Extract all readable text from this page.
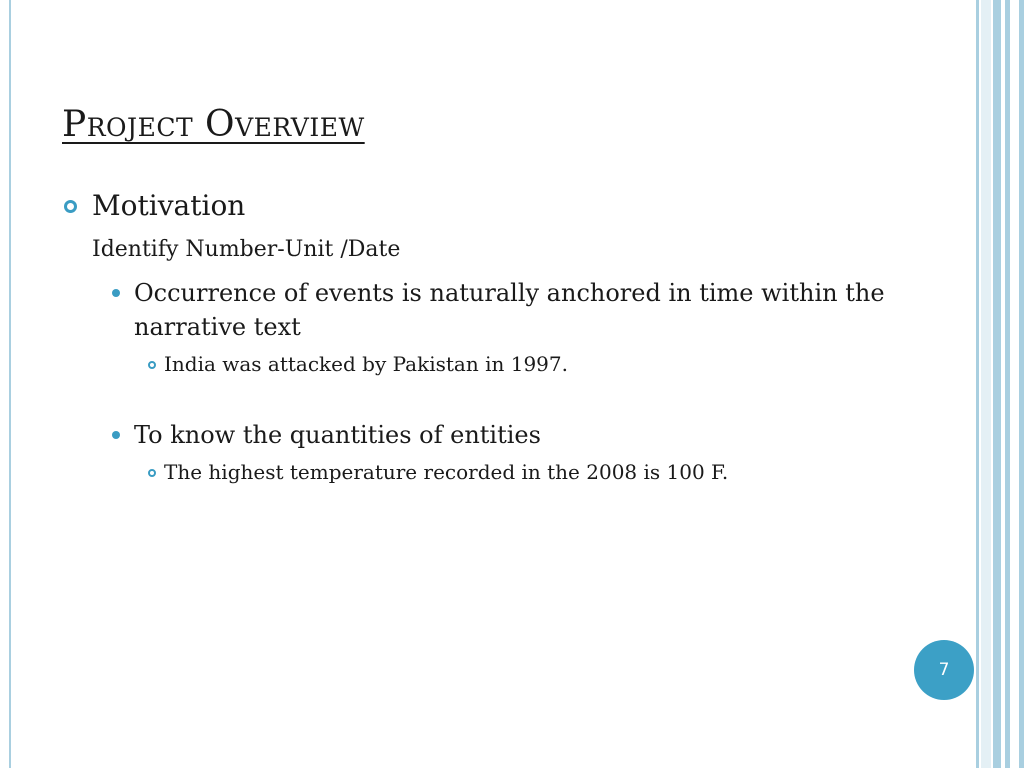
Project Overview
Motivation
Identify Number-Unit /Date
Occurrence of events is naturally anchored in time within the narrative text
India was attacked by Pakistan in 1997.
To know the quantities of entities
The highest temperature recorded in the 2008 is 100 F.
7
